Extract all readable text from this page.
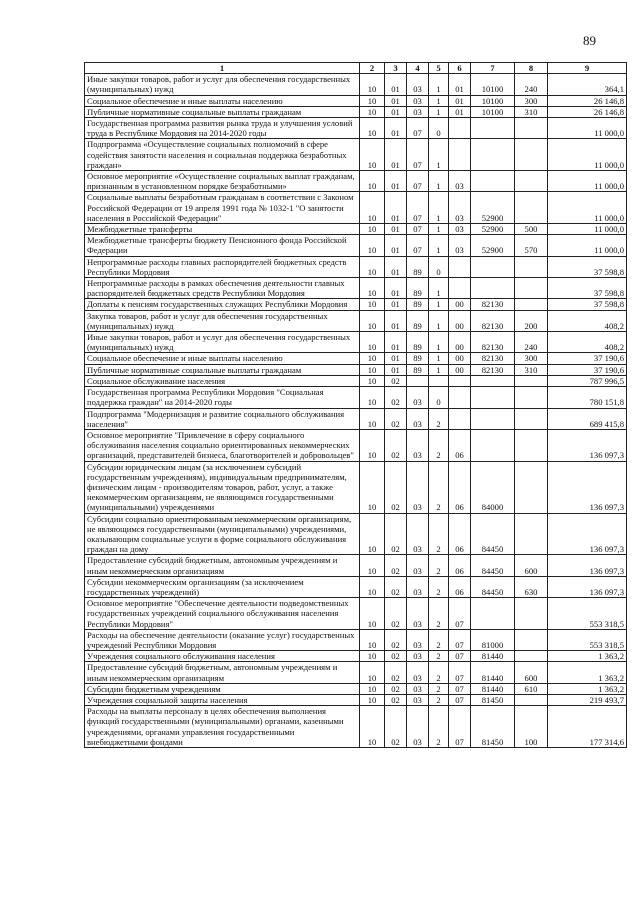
89
1	2	3	4	5	6	7	8	9
Иные закупки товаров, работ и услуг для обеспечения государственных (муниципальных) нужд	10	01	03	1	01	10100	240	364,1
Социальное обеспечение и иные выплаты населению	10	01	03	1	01	10100	300	26 146,8
Публичные нормативные социальные выплаты гражданам	10	01	03	1	01	10100	310	26 146,8
Государственная программа развития рынка труда и улучшения условий труда в Республике Мордовия на 2014-2020 годы	10	01	07	0				11 000,0
Подпрограмма «Осуществление социальных полномочий в сфере содействия занятости населения и социальная поддержка безработных граждан»	10	01	07	1				11 000,0
Основное мероприятие «Осуществление социальных выплат гражданам, признанным в установленном порядке безработными»	10	01	07	1	03			11 000,0
Социальные выплаты безработным гражданам в соответствии с Законом Российской Федерации от 19 апреля 1991 года № 1032-1 "О занятости населения в Российской Федерации"	10	01	07	1	03	52900		11 000,0
Межбюджетные трансферты	10	01	07	1	03	52900	500	11 000,0
Межбюджетные трансферты бюджету Пенсионного фонда Российской Федерации	10	01	07	1	03	52900	570	11 000,0
Непрограммные расходы главных распорядителей бюджетных средств Республики Мордовия	10	01	89	0				37 598,8
Непрограммные расходы в рамках обеспечения деятельности главных распорядителей бюджетных средств Республики Мордовия	10	01	89	1				37 598,8
Доплаты к пенсиям государственных служащих Республики Мордовия	10	01	89	1	00	82130		37 598,8
Закупка товаров, работ и услуг для обеспечения государственных (муниципальных) нужд	10	01	89	1	00	82130	200	408,2
Иные закупки товаров, работ и услуг для обеспечения государственных (муниципальных) нужд	10	01	89	1	00	82130	240	408,2
Социальное обеспечение и иные выплаты населению	10	01	89	1	00	82130	300	37 190,6
Публичные нормативные социальные выплаты гражданам	10	01	89	1	00	82130	310	37 190,6
Социальное обслуживание населения	10	02						787 996,5
Государственная программа Республики Мордовия "Социальная поддержка граждан" на 2014-2020 годы	10	02	03	0				780 151,8
Подпрограмма "Модернизация и развитие социального обслуживания населения"	10	02	03	2				689 415,8
Основное мероприятие "Привлечение в сферу социального обслуживания населения социально ориентированных некоммерческих организаций, представителей бизнеса, благотворителей и добровольцев"	10	02	03	2	06			136 097,3
Субсидии юридическим лицам (за исключением субсидий государственным учреждениям), индивидуальным предпринимателям, физическим лицам - производителям товаров, работ, услуг, а также некоммерческим организациям, не являющимся государственными (муниципальными) учреждениями	10	02	03	2	06	84000		136 097,3
Субсидии социально ориентированным некоммерческим организациям, не являющимся государственными (муниципальными) учреждениями, оказывающим социальные услуги в форме социального обслуживания граждан на дому	10	02	03	2	06	84450		136 097,3
Предоставление субсидий бюджетным, автономным учреждениям и иным некоммерческим организациям	10	02	03	2	06	84450	600	136 097,3
Субсидии некоммерческим организациям (за исключением государственных учреждений)	10	02	03	2	06	84450	630	136 097,3
Основное мероприятие "Обеспечение деятельности подведомственных государственных учреждений социального обслуживания населения Республики Мордовия"	10	02	03	2	07			553 318,5
Расходы на обеспечение деятельности (оказание услуг) государственных учреждений Республики Мордовия	10	02	03	2	07	81000		553 318,5
Учреждения социального обслуживания населения	10	02	03	2	07	81440		1 363,2
Предоставление субсидий бюджетным, автономным учреждениям и иным некоммерческим организациям	10	02	03	2	07	81440	600	1 363,2
Субсидии бюджетным учреждениям	10	02	03	2	07	81440	610	1 363,2
Учреждения социальной защиты населения	10	02	03	2	07	81450		219 493,7
Расходы на выплаты персоналу в целях обеспечения выполнения функций государственными (муниципальными) органами, казенными учреждениями, органами управления государственными внебюджетными фондами	10	02	03	2	07	81450	100	177 314,6
